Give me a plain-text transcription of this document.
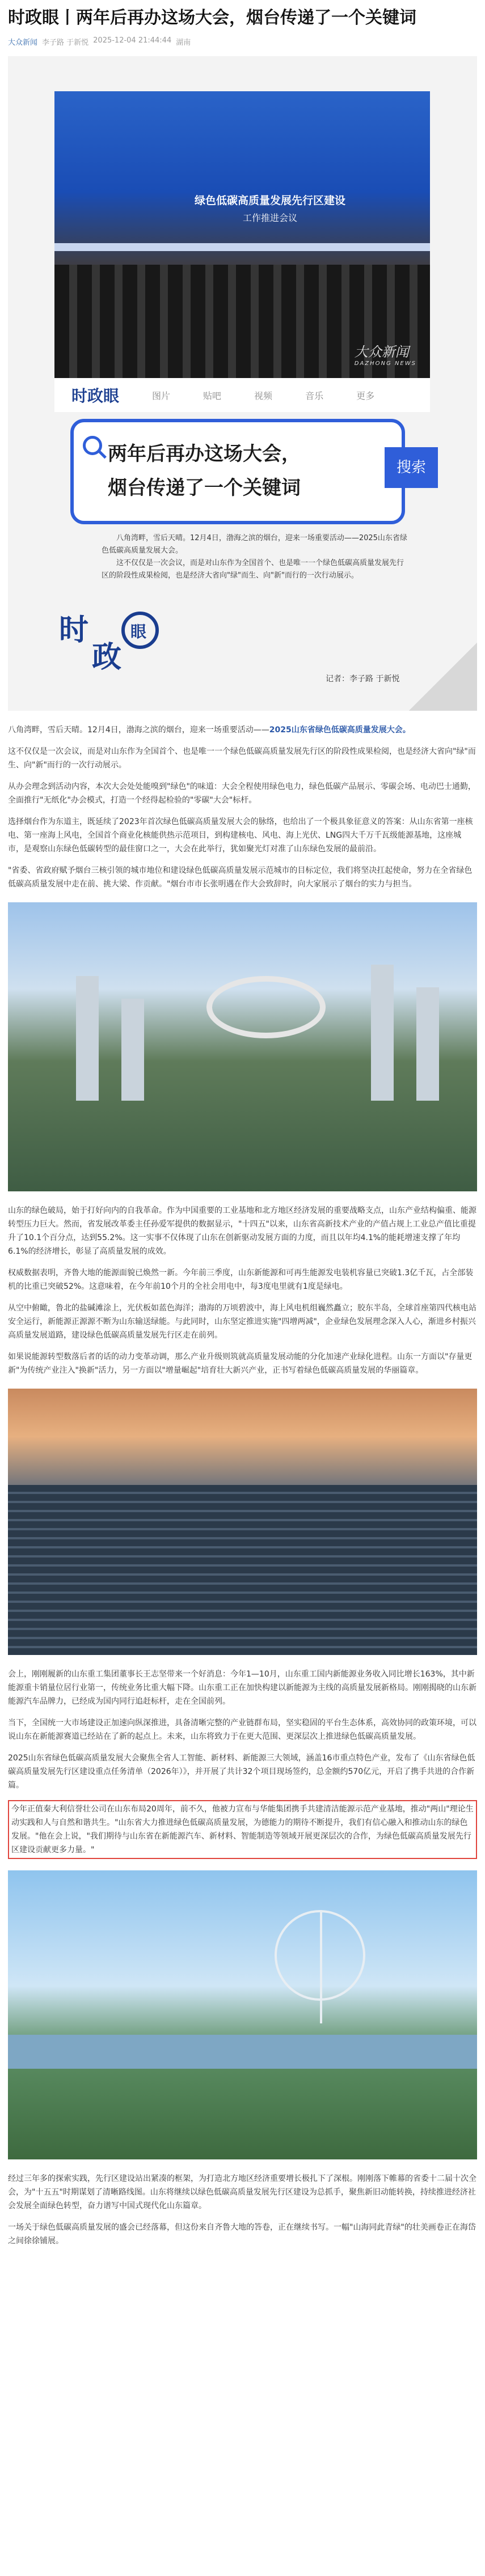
时政眼丨两年后再办这场大会，烟台传递了一个关键词
大众新闻 李子路 于新悦 2025-12-04 21:44:44 湖南
绿色低碳高质量发展先行区建设
工作推进会议
大众新闻
DAZHONG NEWS
时政眼	图片	贴吧	视频	音乐	更多
两年后再办这场大会，
烟台传递了一个关键词
搜索

八角湾畔，雪后天晴。12月4日，渤海之滨的烟台，迎来一场重要活动——2025山东省绿色低碳高质量发展大会。

这不仅仅是一次会议，而是对山东作为全国首个、也是唯一一个绿色低碳高质量发展先行区的阶段性成果检阅，也是经济大省向"绿"而生、向"新"而行的一次行动展示。

时
政
眼
记者：李子路 于新悦

八角湾畔，雪后天晴。12月4日，渤海之滨的烟台，迎来一场重要活动——2025山东省绿色低碳高质量发展大会。

这不仅仅是一次会议，而是对山东作为全国首个、也是唯一一个绿色低碳高质量发展先行区的阶段性成果检阅，也是经济大省向"绿"而生、向"新"而行的一次行动展示。

从办会理念到活动内容，本次大会处处能嗅到"绿色"的味道：大会全程使用绿色电力，绿色低碳产品展示、零碳会场、电动巴士通勤，全面推行"无纸化"办会模式，打造一个经得起检验的"零碳"大会"标杆。

选择烟台作为东道主，既延续了2023年首次绿色低碳高质量发展大会的脉络，也给出了一个极具象征意义的答案：从山东省第一座核电、第一座海上风电，全国首个商业化核能供热示范项目，到构建核电、风电、海上光伏、LNG四大千万千瓦级能源基地，这座城市，是观察山东绿色低碳转型的最佳窗口之一，大会在此举行，犹如聚光灯对准了山东绿色发展的最前沿。

"省委、省政府赋予烟台三核引领的城市地位和建设绿色低碳高质量发展示范城市的目标定位，我们将坚决扛起使命，努力在全省绿色低碳高质量发展中走在前、挑大梁、作贡献。"烟台市市长张明遇在作大会致辞时，向大家展示了烟台的实力与担当。

山东的绿色破局，始于打好向内的自我革命。作为中国重要的工业基地和北方地区经济发展的重要战略支点，山东产业结构偏重、能源转型压力巨大。然而，省发展改革委主任孙爱军提供的数据显示，"十四五"以来，山东省高新技术产业的产值占规上工业总产值比重提升了10.1个百分点，达到55.2%。这一实事不仅体现了山东在创新驱动发展方面的力度，而且以年均4.1%的能耗增速支撑了年均6.1%的经济增长，彰显了高质量发展的成效。

权威数据表明，齐鲁大地的能源面貌已焕然一新。今年前三季度，山东新能源和可再生能源发电装机容量已突破1.3亿千瓦，占全部装机的比重已突破52%。这意味着，在今年前10个月的全社会用电中，每3度电里就有1度是绿电。

从空中俯瞰，鲁北的盐碱滩涂上，光伏板如蓝色海洋；渤海的万顷碧波中，海上风电机组巍然矗立；胶东半岛，全球首座第四代核电站安全运行，新能源正源源不断为山东输送绿能。与此同时，山东坚定推进实施"四增两减"，企业绿色发展理念深入人心，渐进乡村振兴高质量发展道路，建设绿色低碳高质量发展先行区走在前列。

如果说能源转型数落后者的话的动力变革动调，那么产业升级则筑就高质量发展动能的分化加速产业绿化进程。山东一方面以"存量更新"为传统产业注入"换新"活力，另一方面以"增量崛起"培育壮大新兴产业，正书写着绿色低碳高质量发展的华丽篇章。

会上，刚刚履新的山东重工集团董事长王志坚带来一个好消息：今年1—10月，山东重工国内新能源业务收入同比增长163%，其中新能源重卡销量位居行业第一，传统业务比重大幅下降。山东重工正在加快构建以新能源为主线的高质量发展新格局。刚刚揭晓的山东新能源汽车品牌力，已经成为国内同行追赶标杆，走在全国前列。

当下，全国统一大市场建设正加速向纵深推进，具备清晰完整的产业链群布局，坚实稳固的平台生态体系，高效协同的政策环境，可以说山东在新能源赛道已经站在了新的起点上。未来，山东将致力于在更大范围、更深层次上推进绿色低碳高质量发展。

2025山东省绿色低碳高质量发展大会聚焦全省人工智能、新材料、新能源三大领域，涵盖16市重点特色产业，发布了《山东省绿色低碳高质量发展先行区建设重点任务清单（2026年）》，并开展了共计32个项目现场签约，总金额约570亿元，开启了携手共进的合作新篇。

今年正值秦大利信誉壮公司在山东布局20周年，前不久，他被力宣布与华能集团携手共建清洁能源示范产业基地，推动"两山"理论生动实践和人与自然和谐共生。"山东省大力推进绿色低碳高质量发展，为德能力的期待不断提升，我们有信心融入和推动山东的绿色发展。"他在会上说，"我们期待与山东省在新能源汽车、新材料、智能制造等领域开展更深层次的合作，为绿色低碳高质量发展先行区建设贡献更多力量。"

经过三年多的探索实践，先行区建设站出紧凑的框架，为打造北方地区经济重要增长极扎下了深根。刚刚落下帷幕的省委十二届十次全会，为"十五五"时期谋划了清晰路线图。山东将继续以绿色低碳高质量发展先行区建设为总抓手，聚焦新旧动能转换，持续推进经济社会发展全面绿色转型，奋力谱写中国式现代化山东篇章。

一场关于绿色低碳高质量发展的盛会已经落幕，但这份来自齐鲁大地的答卷，正在继续书写。一幅"山海同此青绿"的壮美画卷正在海岱之间徐徐铺展。
